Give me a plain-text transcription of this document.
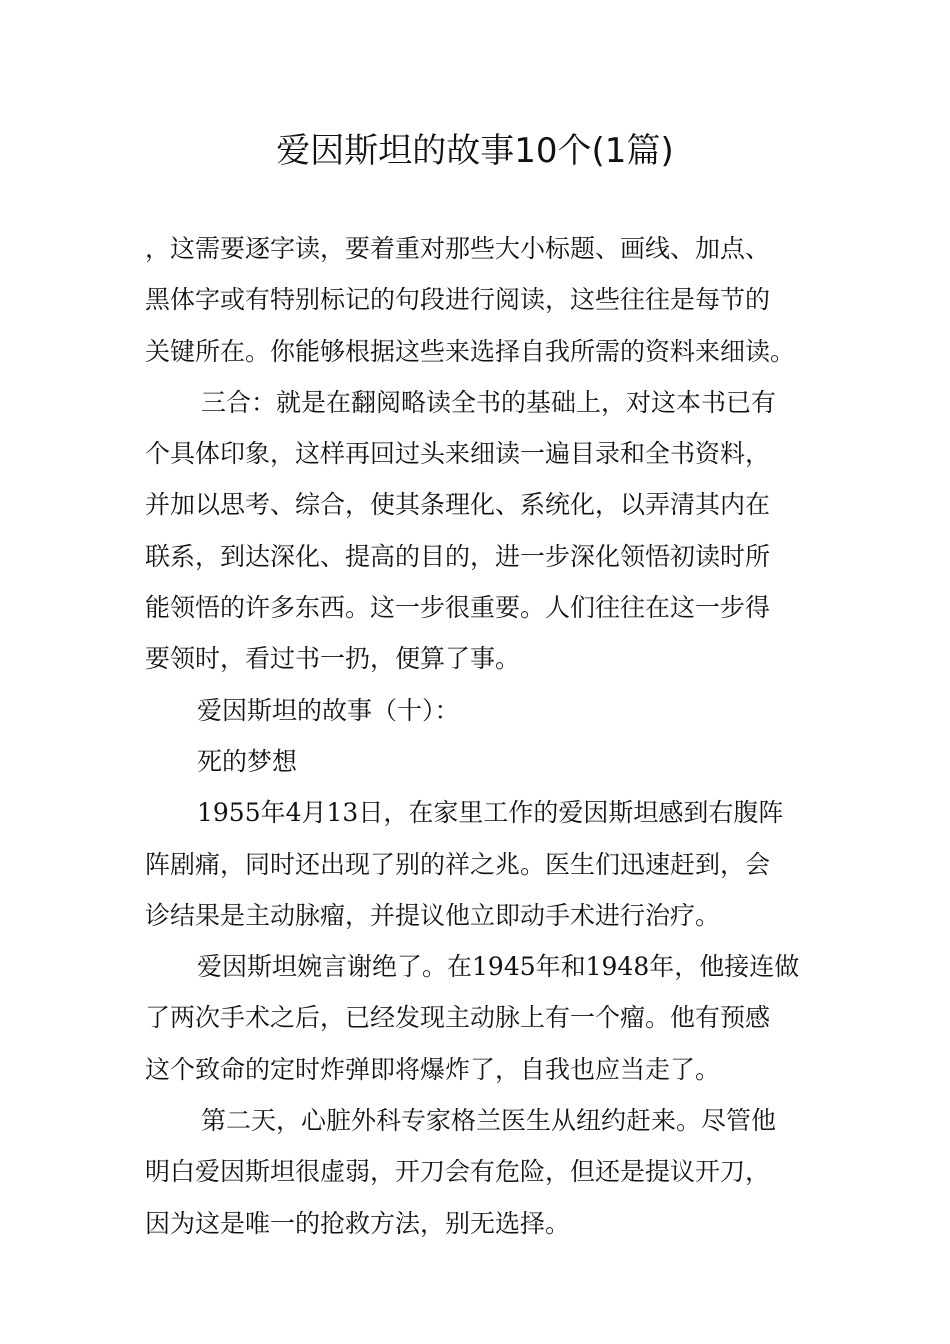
爱因斯坦的故事10个(1篇)
，这需要逐字读，要着重对那些大小标题、画线、加点、
黑体字或有特别标记的句段进行阅读，这些往往是每节的
关键所在。你能够根据这些来选择自我所需的资料来细读。
三合：就是在翻阅略读全书的基础上，对这本书已有
个具体印象，这样再回过头来细读一遍目录和全书资料，
并加以思考、综合，使其条理化、系统化，以弄清其内在
联系，到达深化、提高的目的，进一步深化领悟初读时所
能领悟的许多东西。这一步很重要。人们往往在这一步得
要领时，看过书一扔，便算了事。
爱因斯坦的故事（十）：
死的梦想
1955年4月13日，在家里工作的爱因斯坦感到右腹阵
阵剧痛，同时还出现了别的祥之兆。医生们迅速赶到，会
诊结果是主动脉瘤，并提议他立即动手术进行治疗。
爱因斯坦婉言谢绝了。在1945年和1948年，他接连做
了两次手术之后，已经发现主动脉上有一个瘤。他有预感
这个致命的定时炸弹即将爆炸了，自我也应当走了。
第二天，心脏外科专家格兰医生从纽约赶来。尽管他
明白爱因斯坦很虚弱，开刀会有危险，但还是提议开刀，
因为这是唯一的抢救方法，别无选择。
